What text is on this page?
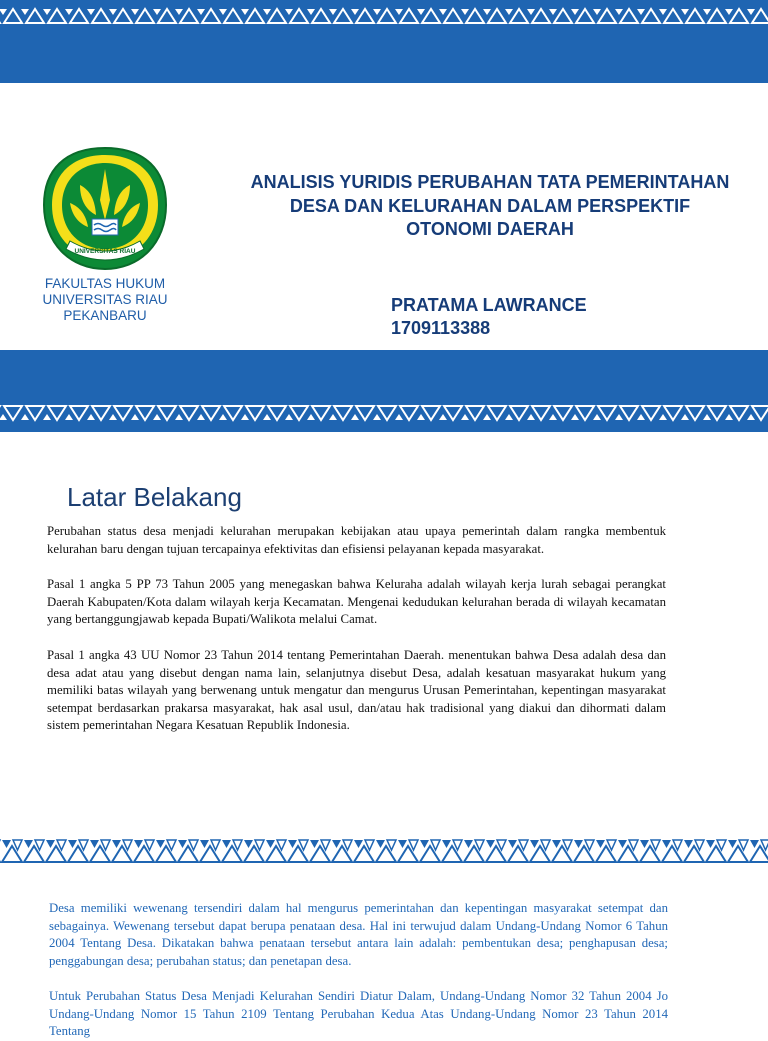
UNIVERSITAS RIAU
FAKULTAS HUKUM
UNIVERSITAS RIAU
PEKANBARU
ANALISIS YURIDIS PERUBAHAN TATA PEMERINTAHAN
DESA DAN KELURAHAN DALAM PERSPEKTIF
OTONOMI DAERAH
PRATAMA LAWRANCE
1709113388
Latar Belakang

Perubahan status desa menjadi kelurahan merupakan kebijakan atau upaya pemerintah dalam rangka membentuk kelurahan baru dengan tujuan tercapainya efektivitas dan efisiensi pelayanan kepada masyarakat.

Pasal 1 angka 5 PP 73 Tahun 2005 yang menegaskan bahwa Keluraha adalah wilayah kerja lurah sebagai perangkat Daerah Kabupaten/Kota dalam wilayah kerja Kecamatan. Mengenai kedudukan kelurahan berada di wilayah kecamatan yang bertanggungjawab kepada Bupati/Walikota melalui Camat.

Pasal 1 angka 43 UU Nomor 23 Tahun 2014 tentang Pemerintahan Daerah. menentukan bahwa Desa adalah desa dan desa adat atau yang disebut dengan nama lain, selanjutnya disebut Desa, adalah kesatuan masyarakat hukum yang memiliki batas wilayah yang berwenang untuk mengatur dan mengurus Urusan Pemerintahan, kepentingan masyarakat setempat berdasarkan prakarsa masyarakat, hak asal usul, dan/atau hak tradisional yang diakui dan dihormati dalam sistem pemerintahan Negara Kesatuan Republik Indonesia.

Desa memiliki wewenang tersendiri dalam hal mengurus pemerintahan dan kepentingan masyarakat setempat dan sebagainya. Wewenang tersebut dapat berupa penataan desa. Hal ini terwujud dalam Undang-Undang Nomor 6 Tahun 2004 Tentang Desa. Dikatakan bahwa penataan tersebut antara lain adalah: pembentukan desa; penghapusan desa; penggabungan desa; perubahan status; dan penetapan desa.

Untuk Perubahan Status Desa Menjadi Kelurahan Sendiri Diatur Dalam, Undang-Undang Nomor 32 Tahun 2004 Jo Undang-Undang Nomor 15 Tahun 2109 Tentang Perubahan Kedua Atas Undang-Undang Nomor 23 Tahun 2014 Tentang
